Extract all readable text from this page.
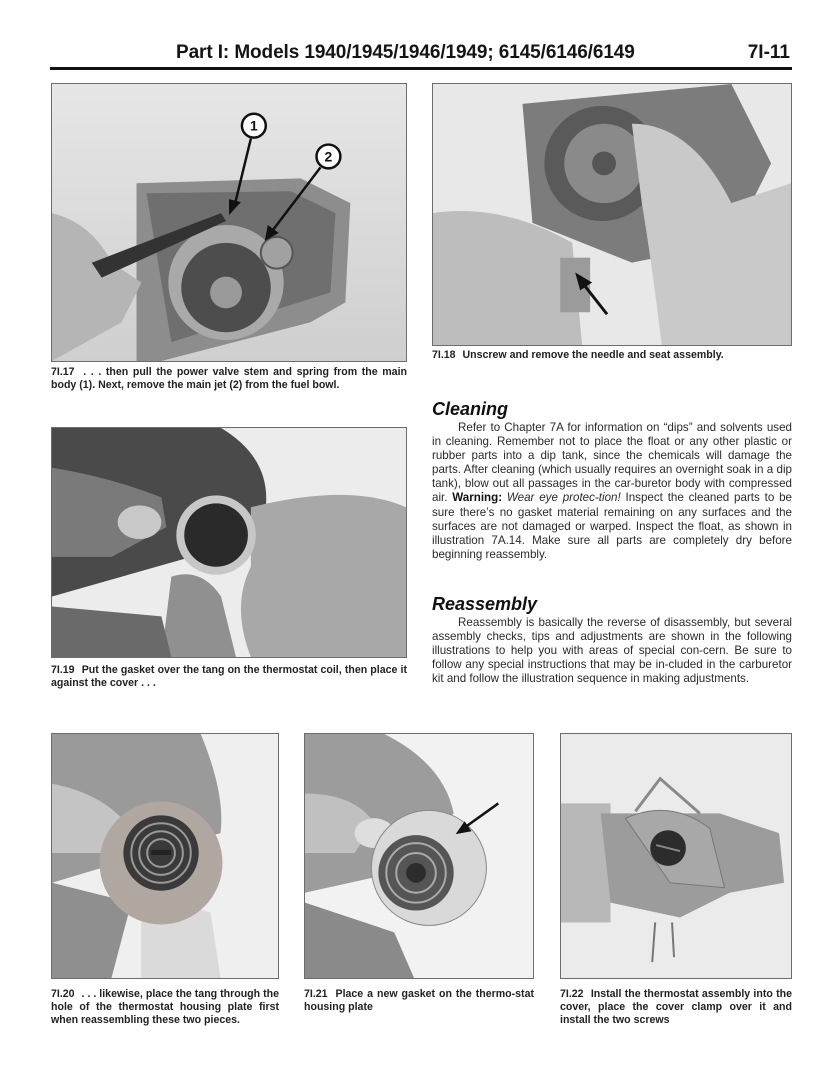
Part I: Models 1940/1945/1946/1949; 6145/6146/6149	7I-11
1
2
7I.17 . . . then pull the power valve stem and spring from the main body (1). Next, remove the main jet (2) from the fuel bowl.
7I.18 Unscrew and remove the needle and seat assembly.
Cleaning
Refer to Chapter 7A for information on “dips” and solvents used in cleaning. Remember not to place the float or any other plastic or rubber parts into a dip tank, since the chemicals will damage the parts. After cleaning (which usually requires an overnight soak in a dip tank), blow out all passages in the car-buretor body with compressed air. Warning: Wear eye protec-tion! Inspect the cleaned parts to be sure there’s no gasket material remaining on any surfaces and the surfaces are not damaged or warped. Inspect the float, as shown in illustration 7A.14. Make sure all parts are completely dry before beginning reassembly.
Reassembly
Reassembly is basically the reverse of disassembly, but several assembly checks, tips and adjustments are shown in the following illustrations to help you with areas of special con-cern. Be sure to follow any special instructions that may be in-cluded in the carburetor kit and follow the illustration sequence in making adjustments.
7I.19 Put the gasket over the tang on the thermostat coil, then place it against the cover . . .
7I.20 . . . likewise, place the tang through the hole of the thermostat housing plate first when reassembling these two pieces.
7I.21 Place a new gasket on the thermo-stat housing plate
7I.22 Install the thermostat assembly into the cover, place the cover clamp over it and install the two screws
